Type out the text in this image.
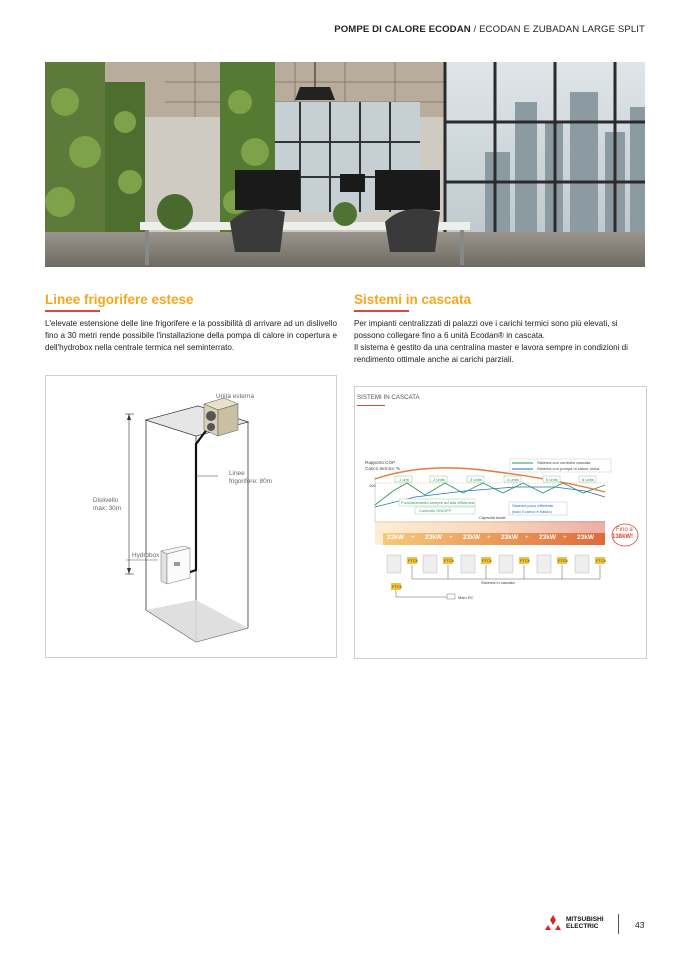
POMPE DI CALORE ECODAN / ECODAN E ZUBADAN LARGE SPLIT
Linee frigorifere estese
L'elevate estensione delle line frigorifere e la possibilità di arrivare ad un dislivello fino a 30 metri rende possibile l'installazione della pompa di calore in copertura e dell'hydrobox nella centrale termica nel seminterrato.
Unità esterna
Linee
frigorifere: 80m
Dislivello
max: 30m
Hydrobox
Sistemi in cascata
Per impianti centralizzati di palazzi ove i carichi termici sono più elevati, si possono collegare fino a 6 unità Ecodan® in cascata.
Il sistema è gestito da una centralina master e lavora sempre in condizioni di rendimento ottimale anche ai carichi parziali.
SISTEMI IN CASCATA
Rapporto COP
Carico termico %
Sistema con controllo cascata
Sistema con pompa di calore unica
100
1 unit	2 units	3 units	4 units	5 units	6 units
Funzionamento sempre ad alta efficienza
Controllo ON/OFF
Sistema poco efficiente
(solo il carico è basso)
Capacità totale
23kW + 23kW + 23kW + 23kW + 23kW + 23kW
Fino a
138kW!
FTC6	FTC6	FTC6	FTC6	FTC6	FTC6
FTC6
Sistema in cascata
Main RC
MITSUBISHI
ELECTRIC	43
